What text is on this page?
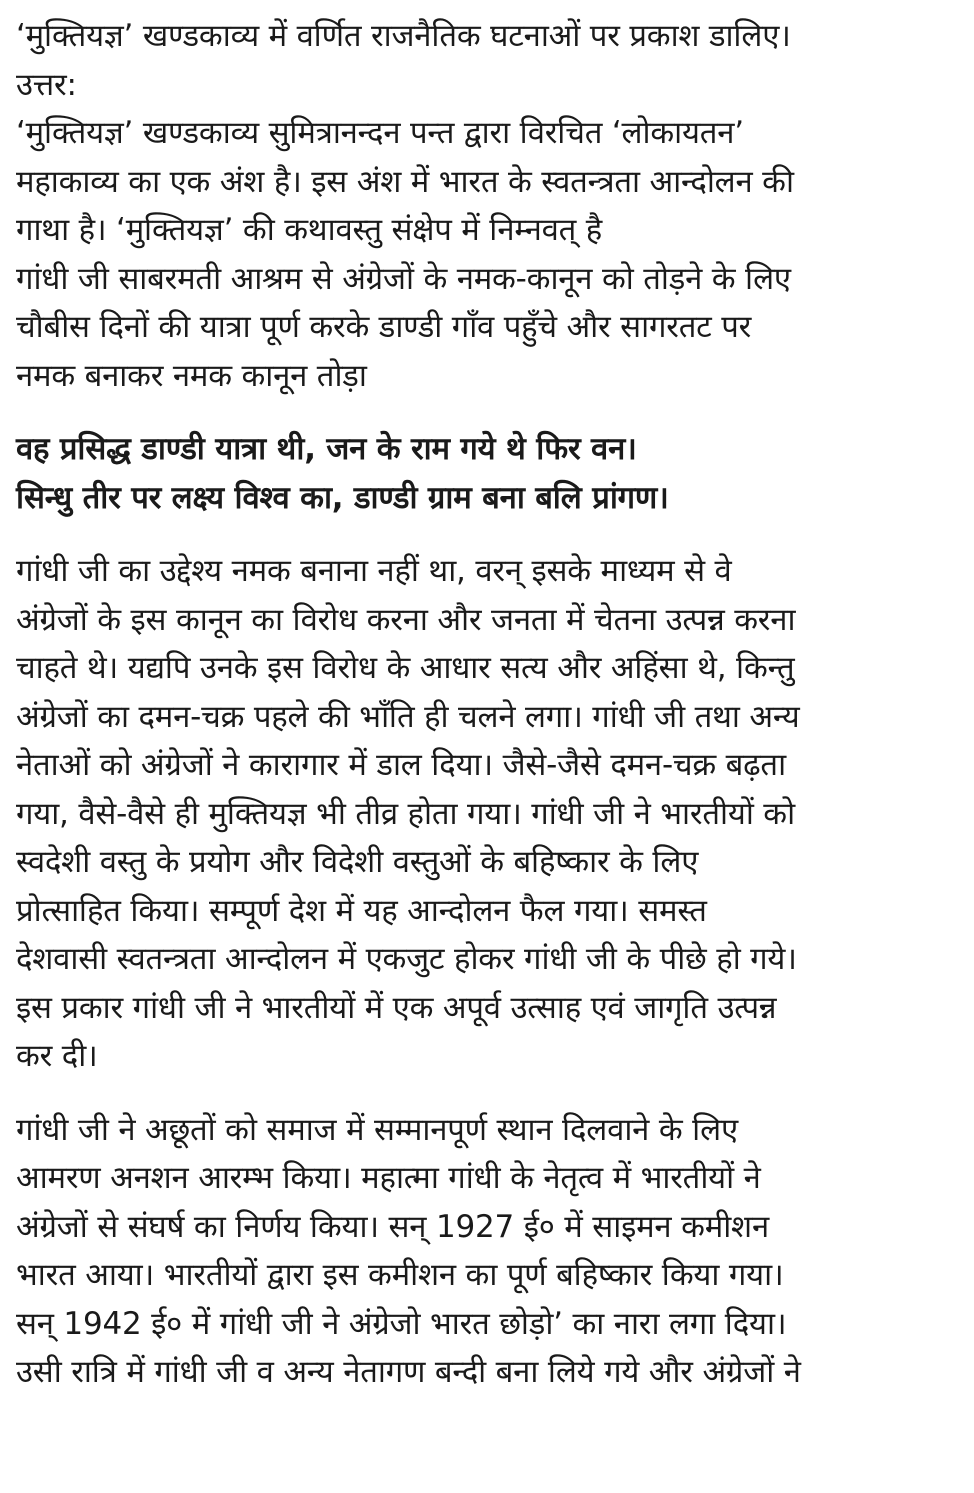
‘मुक्तियज्ञ’ खण्डकाव्य में वर्णित राजनैतिक घटनाओं पर प्रकाश डालिए।
उत्तर:
‘मुक्तियज्ञ’ खण्डकाव्य सुमित्रानन्दन पन्त द्वारा विरचित ‘लोकायतन’
महाकाव्य का एक अंश है। इस अंश में भारत के स्वतन्त्रता आन्दोलन की
गाथा है। ‘मुक्तियज्ञ’ की कथावस्तु संक्षेप में निम्नवत् है
गांधी जी साबरमती आश्रम से अंग्रेजों के नमक-कानून को तोड़ने के लिए
चौबीस दिनों की यात्रा पूर्ण करके डाण्डी गाँव पहुँचे और सागरतट पर
नमक बनाकर नमक कानून तोड़ा
वह प्रसिद्ध डाण्डी यात्रा थी, जन के राम गये थे फिर वन।
सिन्धु तीर पर लक्ष्य विश्व का, डाण्डी ग्राम बना बलि प्रांगण।
गांधी जी का उद्देश्य नमक बनाना नहीं था, वरन् इसके माध्यम से वे
अंग्रेजों के इस कानून का विरोध करना और जनता में चेतना उत्पन्न करना
चाहते थे। यद्यपि उनके इस विरोध के आधार सत्य और अहिंसा थे, किन्तु
अंग्रेजों का दमन-चक्र पहले की भाँति ही चलने लगा। गांधी जी तथा अन्य
नेताओं को अंग्रेजों ने कारागार में डाल दिया। जैसे-जैसे दमन-चक्र बढ़ता
गया, वैसे-वैसे ही मुक्तियज्ञ भी तीव्र होता गया। गांधी जी ने भारतीयों को
स्वदेशी वस्तु के प्रयोग और विदेशी वस्तुओं के बहिष्कार के लिए
प्रोत्साहित किया। सम्पूर्ण देश में यह आन्दोलन फैल गया। समस्त
देशवासी स्वतन्त्रता आन्दोलन में एकजुट होकर गांधी जी के पीछे हो गये।
इस प्रकार गांधी जी ने भारतीयों में एक अपूर्व उत्साह एवं जागृति उत्पन्न
कर दी।
गांधी जी ने अछूतों को समाज में सम्मानपूर्ण स्थान दिलवाने के लिए
आमरण अनशन आरम्भ किया। महात्मा गांधी के नेतृत्व में भारतीयों ने
अंग्रेजों से संघर्ष का निर्णय किया। सन् 1927 ई० में साइमन कमीशन
भारत आया। भारतीयों द्वारा इस कमीशन का पूर्ण बहिष्कार किया गया।
सन् 1942 ई० में गांधी जी ने अंग्रेजो भारत छोड़ो’ का नारा लगा दिया।
उसी रात्रि में गांधी जी व अन्य नेतागण बन्दी बना लिये गये और अंग्रेजों ने
